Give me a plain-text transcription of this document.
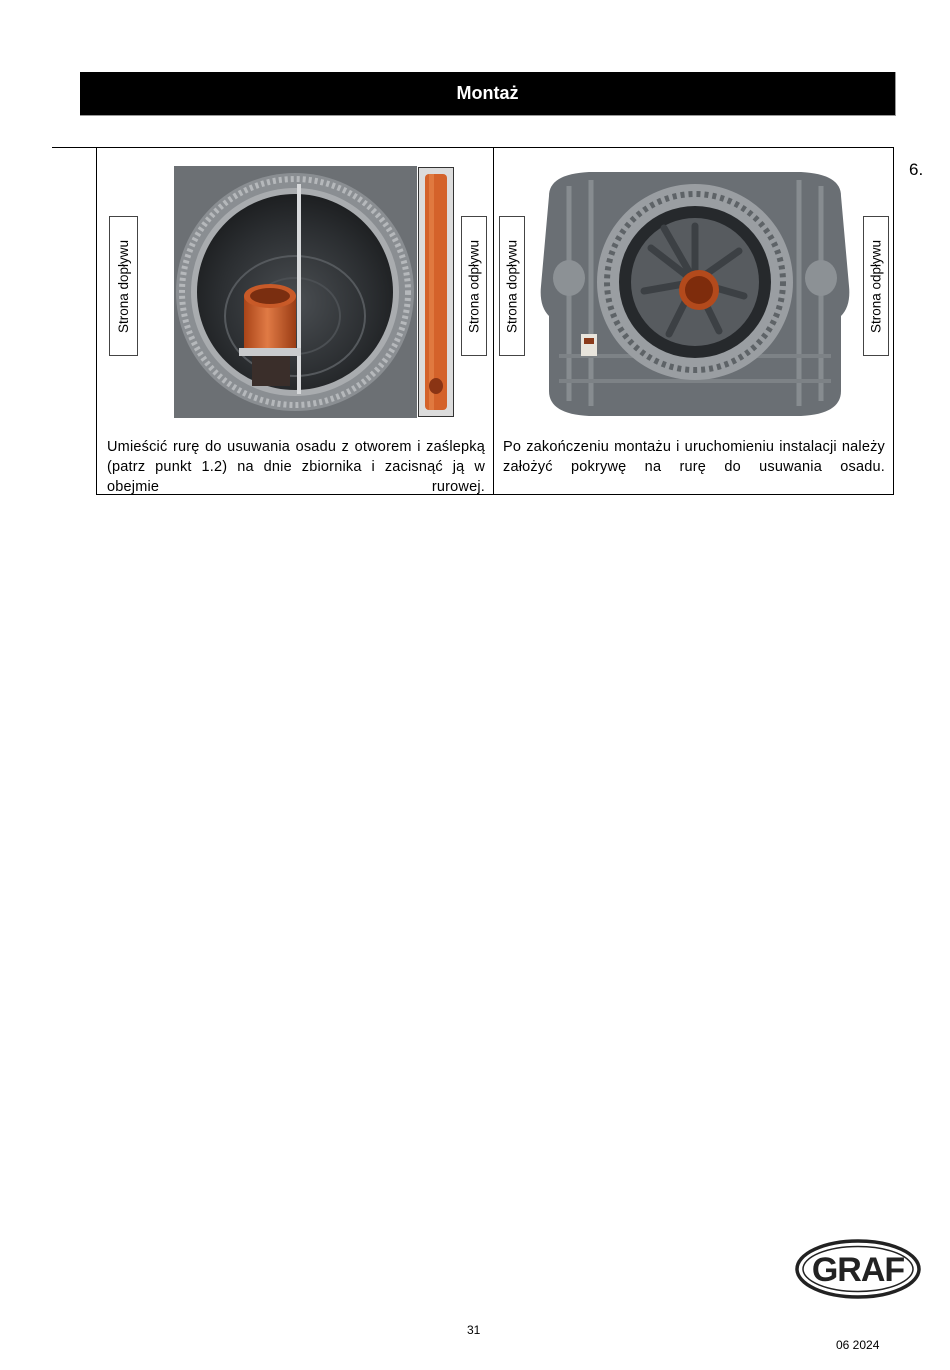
Montaż
6.
Strona dopływu	Strona odpływu
Umieścić rurę do usuwania osadu z otworem i zaślepką (patrz punkt 1.2) na dnie zbiornika i zacisnąć ją w obejmie rurowej.
Strona dopływu	Strona odpływu
Po zakończeniu montażu i uruchomieniu instalacji należy założyć pokrywę na rurę do usuwania osadu.
GRAF
31
06 2024
